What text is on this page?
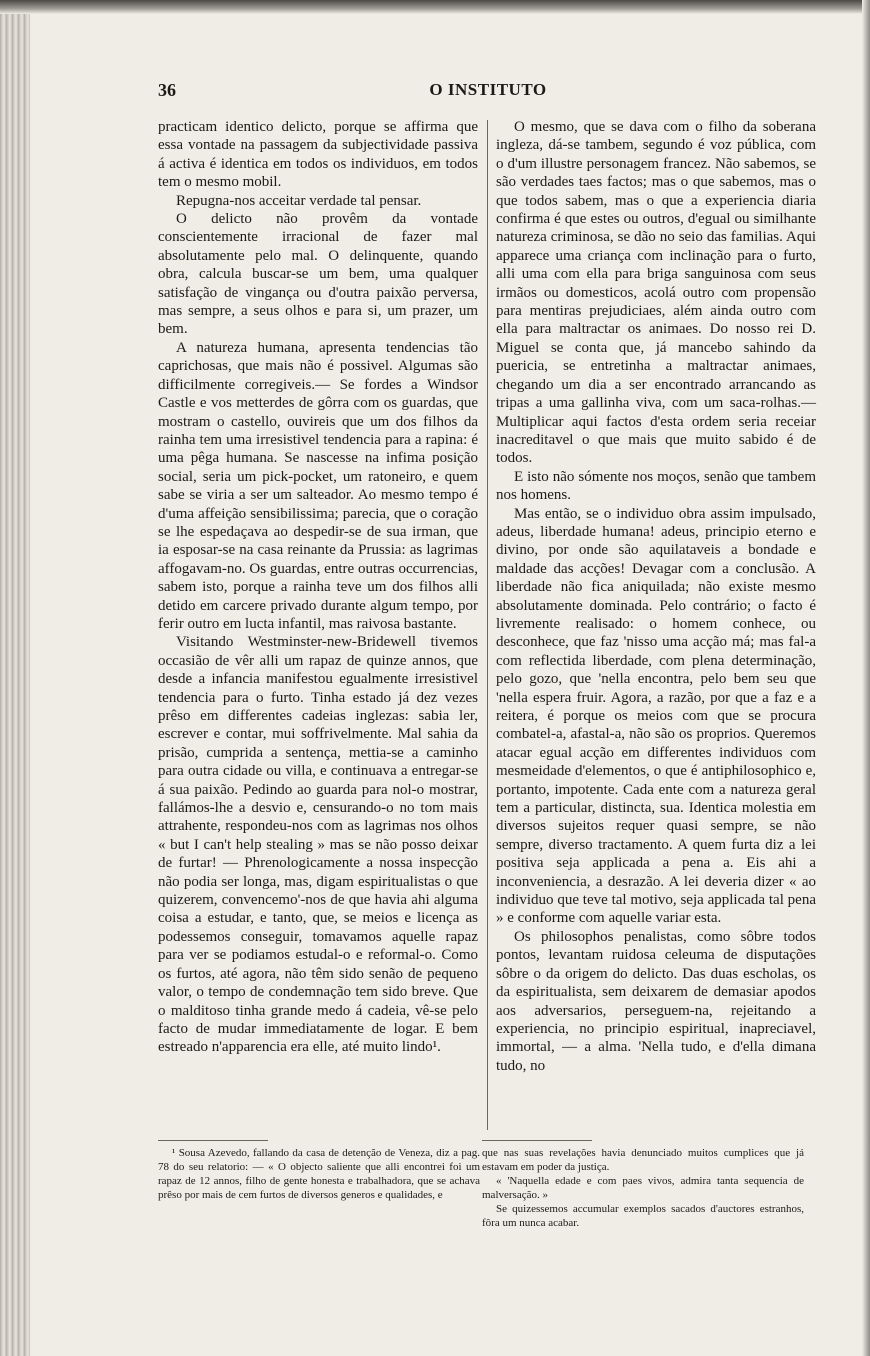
36	O INSTITUTO

practicam identico delicto, porque se affirma que essa vontade na passagem da subjectividade passiva á activa é identica em todos os individuos, em todos tem o mesmo mobil.

Repugna-nos acceitar verdade tal pensar.

O delicto não provêm da vontade conscientemente irracional de fazer mal absolutamente pelo mal. O delinquente, quando obra, calcula buscar-se um bem, uma qualquer satisfação de vingança ou d'outra paixão perversa, mas sempre, a seus olhos e para si, um prazer, um bem.

A natureza humana, apresenta tendencias tão caprichosas, que mais não é possivel. Algumas são difficilmente corregiveis.— Se fordes a Windsor Castle e vos metterdes de gôrra com os guardas, que mostram o castello, ouvireis que um dos filhos da rainha tem uma irresistivel tendencia para a rapina: é uma pêga humana. Se nascesse na infima posição social, seria um pick-pocket, um ratoneiro, e quem sabe se viria a ser um salteador. Ao mesmo tempo é d'uma affeição sensibilissima; parecia, que o coração se lhe espedaçava ao despedir-se de sua irman, que ia esposar-se na casa reinante da Prussia: as lagrimas affogavam-no. Os guardas, entre outras occurrencias, sabem isto, porque a rainha teve um dos filhos alli detido em carcere privado durante algum tempo, por ferir outro em lucta infantil, mas raivosa bastante.

Visitando Westminster-new-Bridewell tivemos occasião de vêr alli um rapaz de quinze annos, que desde a infancia manifestou egualmente irresistivel tendencia para o furto. Tinha estado já dez vezes prêso em differentes cadeias inglezas: sabia ler, escrever e contar, mui soffrivelmente. Mal sahia da prisão, cumprida a sentença, mettia-se a caminho para outra cidade ou villa, e continuava a entregar-se á sua paixão. Pedindo ao guarda para nol-o mostrar, fallámos-lhe a desvio e, censurando-o no tom mais attrahente, respondeu-nos com as lagrimas nos olhos « but I can't help stealing » mas se não posso deixar de furtar! — Phrenologicamente a nossa inspecção não podia ser longa, mas, digam espiritualistas o que quizerem, convencemo'-nos de que havia ahi alguma coisa a estudar, e tanto, que, se meios e licença as podessemos conseguir, tomavamos aquelle rapaz para ver se podiamos estudal-o e reformal-o. Como os furtos, até agora, não têm sido senão de pequeno valor, o tempo de condemnação tem sido breve. Que o malditoso tinha grande medo á cadeia, vê-se pelo facto de mudar immediatamente de logar. E bem estreado n'apparencia era elle, até muito lindo¹.

O mesmo, que se dava com o filho da soberana ingleza, dá-se tambem, segundo é voz pública, com o d'um illustre personagem francez. Não sabemos, se são verdades taes factos; mas o que sabemos, mas o que todos sabem, mas o que a experiencia diaria confirma é que estes ou outros, d'egual ou similhante natureza criminosa, se dão no seio das familias. Aqui apparece uma criança com inclinação para o furto, alli uma com ella para briga sanguinosa com seus irmãos ou domesticos, acolá outro com propensão para mentiras prejudiciaes, além ainda outro com ella para maltractar os animaes. Do nosso rei D. Miguel se conta que, já mancebo sahindo da puericia, se entretinha a maltractar animaes, chegando um dia a ser encontrado arrancando as tripas a uma gallinha viva, com um saca-rolhas.— Multiplicar aqui factos d'esta ordem seria receiar inacreditavel o que mais que muito sabido é de todos.

E isto não sómente nos moços, senão que tambem nos homens.

Mas então, se o individuo obra assim impulsado, adeus, liberdade humana! adeus, principio eterno e divino, por onde são aquilataveis a bondade e maldade das acções! Devagar com a conclusão. A liberdade não fica aniquilada; não existe mesmo absolutamente dominada. Pelo contrário; o facto é livremente realisado: o homem conhece, ou desconhece, que faz 'nisso uma acção má; mas fal-a com reflectida liberdade, com plena determinação, pelo gozo, que 'nella encontra, pelo bem seu que 'nella espera fruir. Agora, a razão, por que a faz e a reitera, é porque os meios com que se procura combatel-a, afastal-a, não são os proprios. Queremos atacar egual acção em differentes individuos com mesmeidade d'elementos, o que é antiphilosophico e, portanto, impotente. Cada ente com a natureza geral tem a particular, distincta, sua. Identica molestia em diversos sujeitos requer quasi sempre, se não sempre, diverso tractamento. A quem furta diz a lei positiva seja applicada a pena a. Eis ahi a inconveniencia, a desrazão. A lei deveria dizer « ao individuo que teve tal motivo, seja applicada tal pena » e conforme com aquelle variar esta.

Os philosophos penalistas, como sôbre todos pontos, levantam ruidosa celeuma de disputações sôbre o da origem do delicto. Das duas escholas, os da espiritualista, sem deixarem de demasiar apodos aos adversarios, perseguem-na, rejeitando a experiencia, no principio espiritual, inapreciavel, immortal, — a alma. 'Nella tudo, e d'ella dimana tudo, no

¹ Sousa Azevedo, fallando da casa de detenção de Veneza, diz a pag. 78 do seu relatorio: — « O objecto saliente que alli encontrei foi um rapaz de 12 annos, filho de gente honesta e trabalhadora, que se achava prêso por mais de cem furtos de diversos generos e qualidades, e

que nas suas revelações havia denunciado muitos cumplices que já estavam em poder da justiça.

« 'Naquella edade e com paes vivos, admira tanta sequencia de malversação. »

Se quizessemos accumular exemplos sacados d'auctores estranhos, fôra um nunca acabar.
